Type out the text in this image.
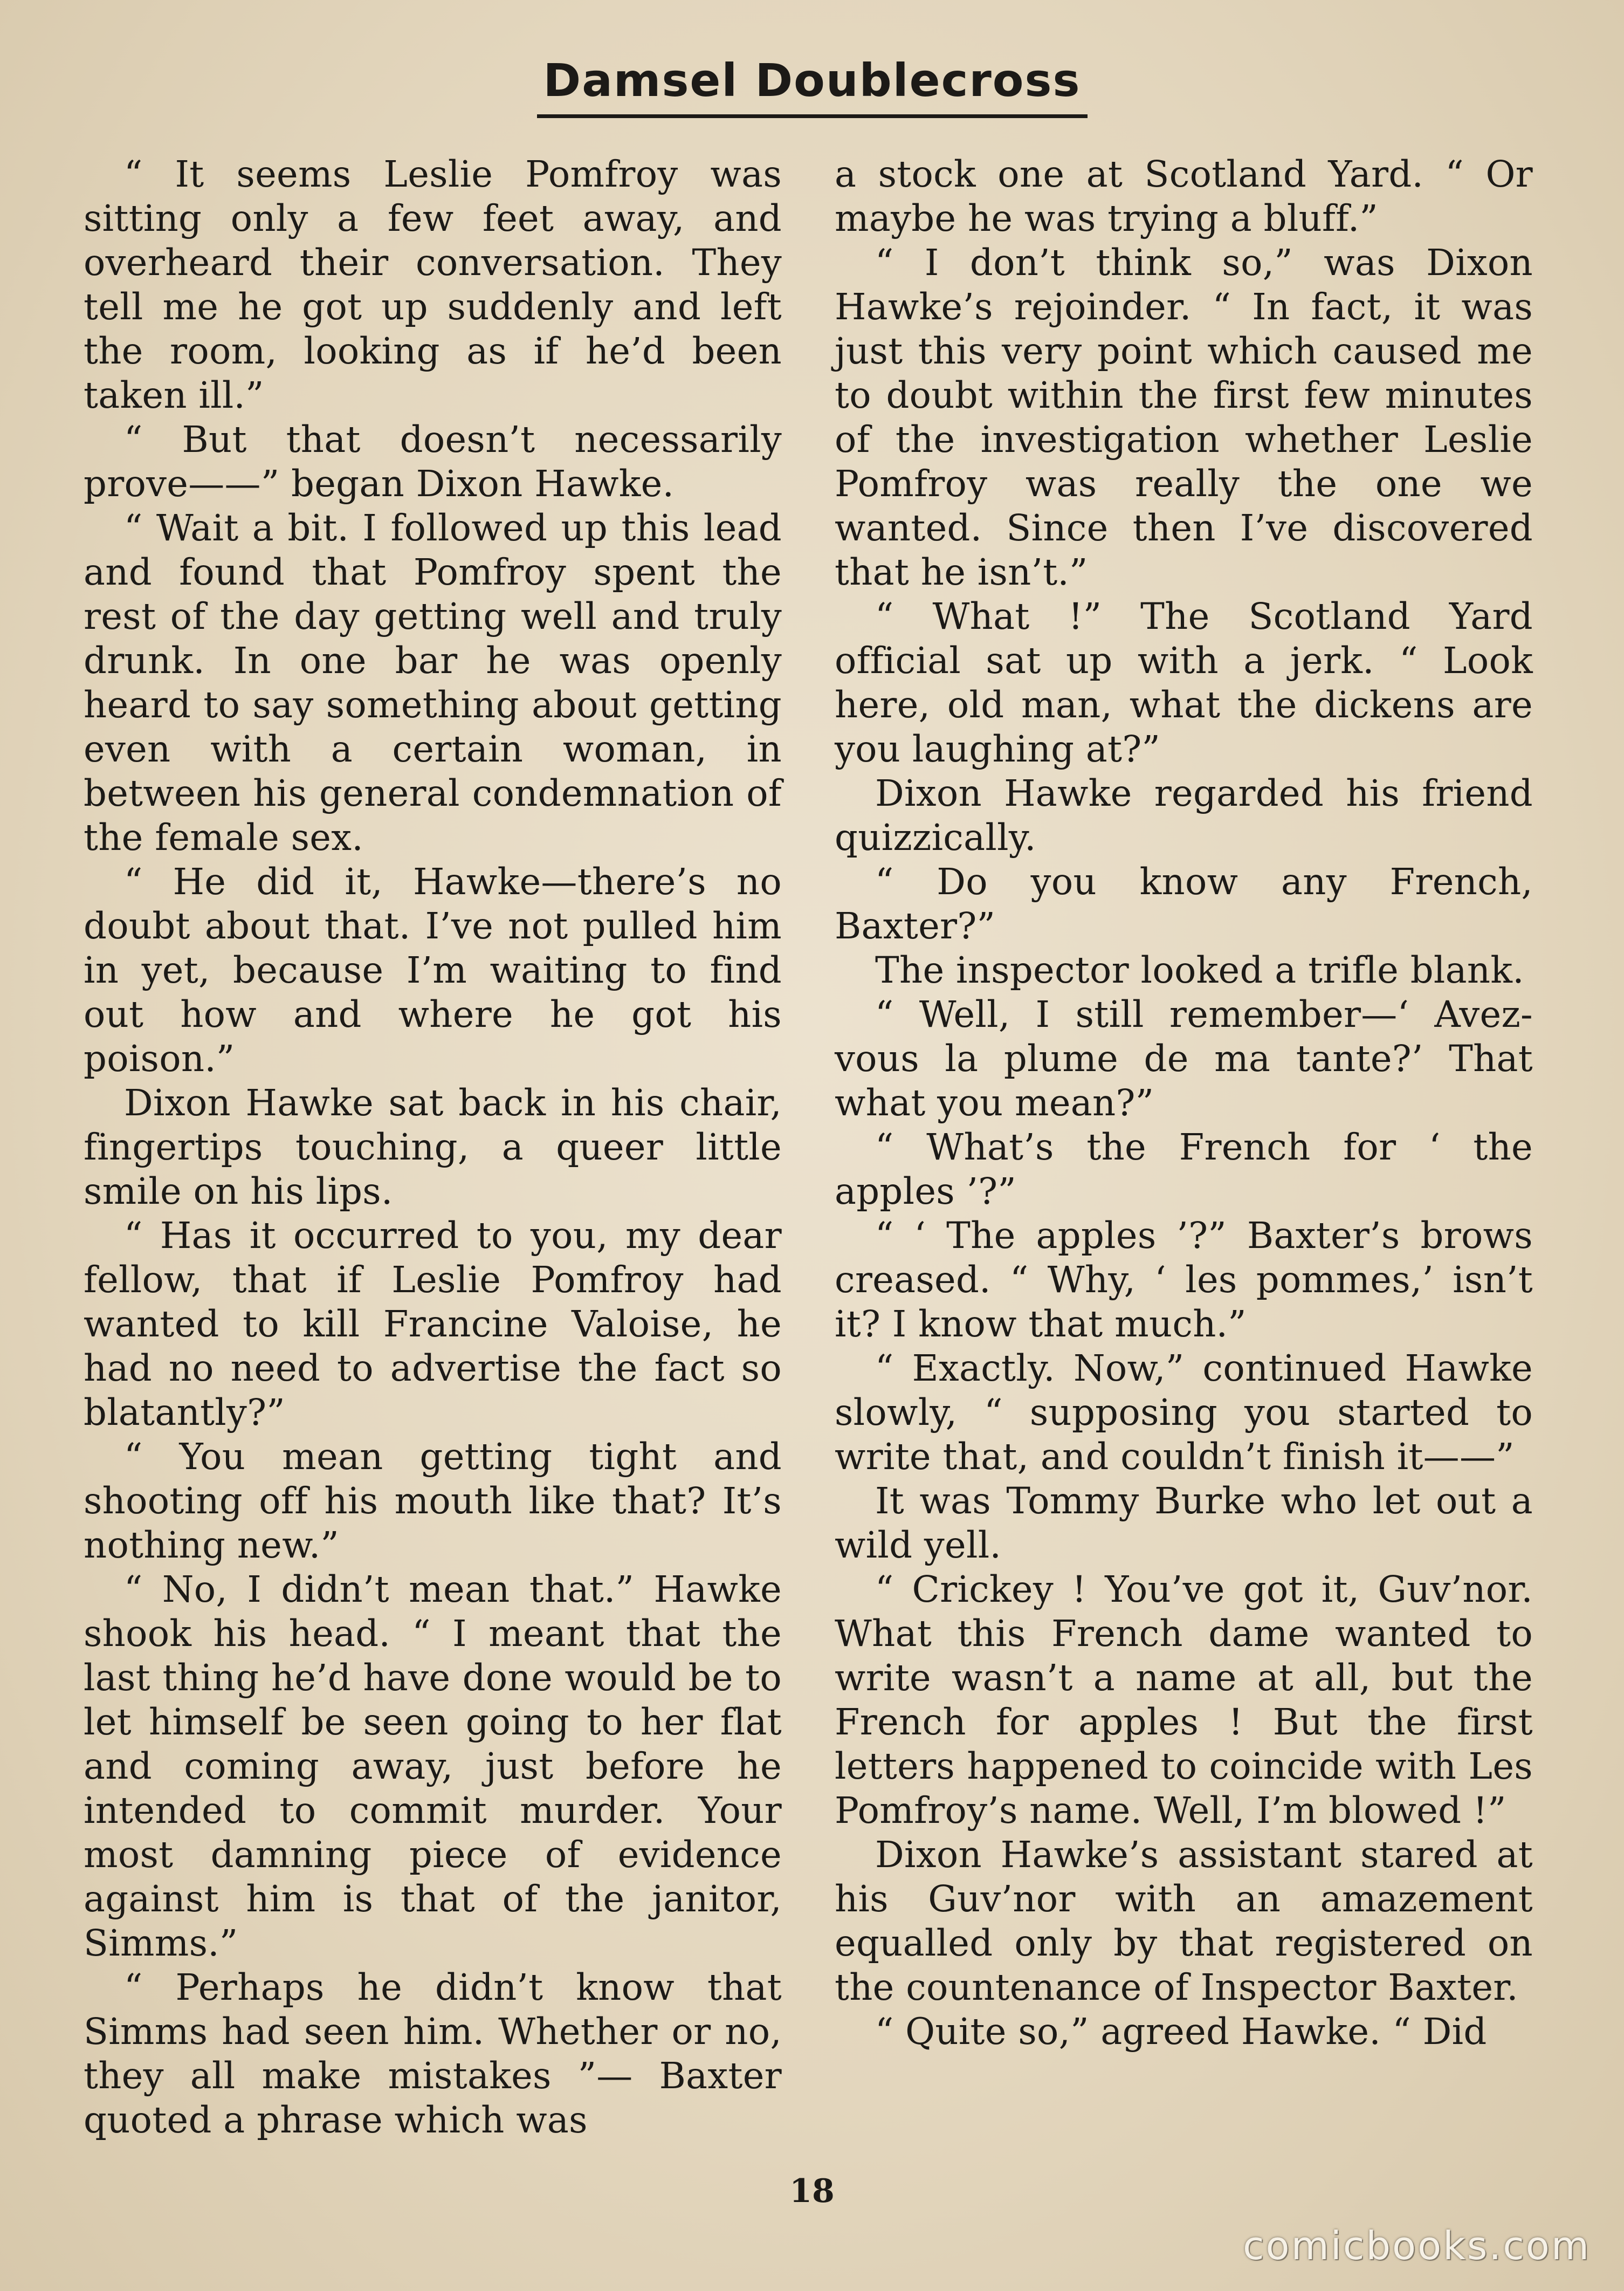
Damsel Doublecross

“ It seems Leslie Pomfroy was sitting only a few feet away, and overheard their conversation. They tell me he got up suddenly and left the room, looking as if he’d been taken ill.”

“ But that doesn’t necessarily prove——” began Dixon Hawke.

“ Wait a bit. I followed up this lead and found that Pomfroy spent the rest of the day getting well and truly drunk. In one bar he was openly heard to say something about getting even with a certain woman, in between his general condemnation of the female sex.

“ He did it, Hawke—there’s no doubt about that. I’ve not pulled him in yet, because I’m waiting to find out how and where he got his poison.”

Dixon Hawke sat back in his chair, fingertips touching, a queer little smile on his lips.

“ Has it occurred to you, my dear fellow, that if Leslie Pomfroy had wanted to kill Francine Valoise, he had no need to advertise the fact so blatantly?”

“ You mean getting tight and shooting off his mouth like that? It’s nothing new.”

“ No, I didn’t mean that.” Hawke shook his head. “ I meant that the last thing he’d have done would be to let himself be seen going to her flat and coming away, just before he intended to commit murder. Your most damning piece of evidence against him is that of the janitor, Simms.”

“ Perhaps he didn’t know that Simms had seen him. Whether or no, they all make mistakes ”— Baxter quoted a phrase which was

a stock one at Scotland Yard. “ Or maybe he was trying a bluff.”

“ I don’t think so,” was Dixon Hawke’s rejoinder. “ In fact, it was just this very point which caused me to doubt within the first few minutes of the investigation whether Leslie Pomfroy was really the one we wanted. Since then I’ve discovered that he isn’t.”

“ What !” The Scotland Yard official sat up with a jerk. “ Look here, old man, what the dickens are you laughing at?”

Dixon Hawke regarded his friend quizzically.

“ Do you know any French, Baxter?”

The inspector looked a trifle blank.

“ Well, I still remember—‘ Avez-vous la plume de ma tante?’ That what you mean?”

“ What’s the French for ‘ the apples ’?”

“ ‘ The apples ’?” Baxter’s brows creased. “ Why, ‘ les pommes,’ isn’t it? I know that much.”

“ Exactly. Now,” continued Hawke slowly, “ supposing you started to write that, and couldn’t finish it——”

It was Tommy Burke who let out a wild yell.

“ Crickey ! You’ve got it, Guv’nor. What this French dame wanted to write wasn’t a name at all, but the French for apples ! But the first letters happened to coincide with Les Pomfroy’s name. Well, I’m blowed !”

Dixon Hawke’s assistant stared at his Guv’nor with an amazement equalled only by that registered on the countenance of Inspector Baxter.

“ Quite so,” agreed Hawke. “ Did

18
comicbooks.com
